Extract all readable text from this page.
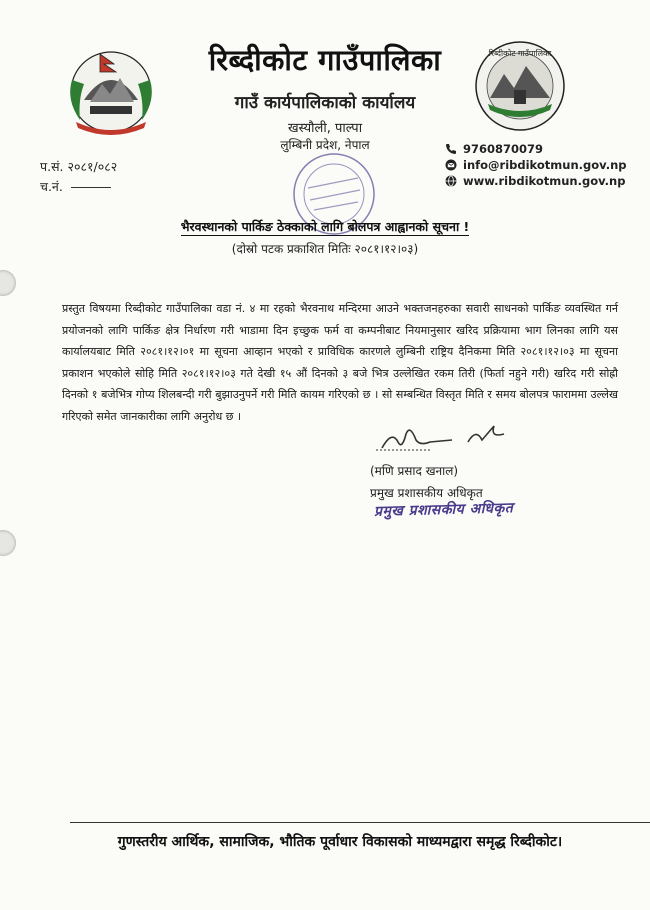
रिब्दीकोट गाउँपालिका
गाउँ कार्यपालिकाको कार्यालय
खस्यौली, पाल्पा
लुम्बिनी प्रदेश, नेपाल
रिब्दीकोट गाउँपालिका
9760870079
info@ribdikotmun.gov.np
www.ribdikotmun.gov.np
प.सं. २०८१/०८२
च.नं.
भैरवस्थानको पार्किङ ठेक्काको लागि बोलपत्र आह्वानको सूचना !
(दोस्रो पटक प्रकाशित मितिः २०८१।१२।०३)
प्रस्तुत विषयमा रिब्दीकोट गाउँपालिका वडा नं. ४ मा रहको भैरवनाथ मन्दिरमा आउने भक्तजनहरुका सवारी साधनको पार्किङ व्यवस्थित गर्न प्रयोजनको लागि पार्किङ क्षेत्र निर्धारण गरी भाडामा दिन इच्छुक फर्म वा कम्पनीबाट नियमानुसार खरिद प्रक्रियामा भाग लिनका लागि यस कार्यालयबाट मिति २०८१।१२।०१ मा सूचना आव्हान भएको र प्राविधिक कारणले लुम्बिनी राष्ट्रिय दैनिकमा मिति २०८१।१२।०३ मा सूचना प्रकाशन भएकोले सोहि मिति २०८१।१२।०३ गते देखी १५ औं दिनको ३ बजे भित्र उल्लेखित रकम तिरी (फिर्ता नहुने गरी) खरिद गरी सोह्रौ दिनको १ बजेभित्र गोप्य शिलबन्दी गरी बुझाउनुपर्ने गरी मिति कायम गरिएको छ । सो सम्बन्धित विस्तृत मिति र समय बोलपत्र फाराममा उल्लेख गरिएको समेत जानकारीका लागि अनुरोध छ ।
(मणि प्रसाद खनाल)
प्रमुख प्रशासकीय अधिकृत
प्रमुख प्रशासकीय अधिकृत
गुणस्तरीय आर्थिक, सामाजिक, भौतिक पूर्वाधार विकासको माध्यमद्वारा समृद्ध रिब्दीकोट।
